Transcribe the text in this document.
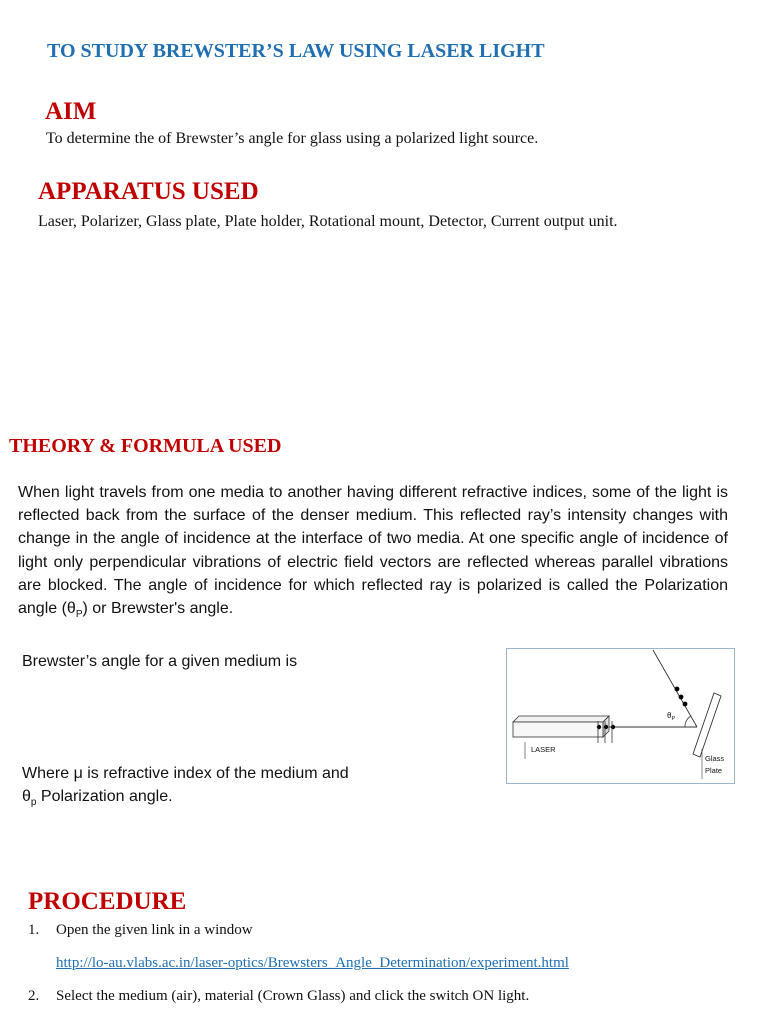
TO STUDY BREWSTER’S LAW USING LASER LIGHT
AIM
To determine the of Brewster’s angle for glass using a polarized light source.
APPARATUS USED
Laser, Polarizer, Glass plate, Plate holder, Rotational mount, Detector, Current output unit.
THEORY & FORMULA USED
When light travels from one media to another having different refractive indices, some of the light is reflected back from the surface of the denser medium. This reflected ray’s intensity changes with change in the angle of incidence at the interface of two media. At one specific angle of incidence of light only perpendicular vibrations of electric field vectors are reflected whereas parallel vibrations are blocked. The angle of incidence for which reflected ray is polarized is called the Polarization angle $(\theta_P)$ or Brewster's angle.
Brewster’s angle for a given medium is
Where μ is refractive index of the medium and
$\theta_p$ Polarization angle.
LASER
$\theta_P$
Glass
Plate
PROCEDURE
1. Open the given link in a window
http://lo-au.vlabs.ac.in/laser-optics/Brewsters_Angle_Determination/experiment.html
2. Select the medium (air), material (Crown Glass) and click the switch ON light.
